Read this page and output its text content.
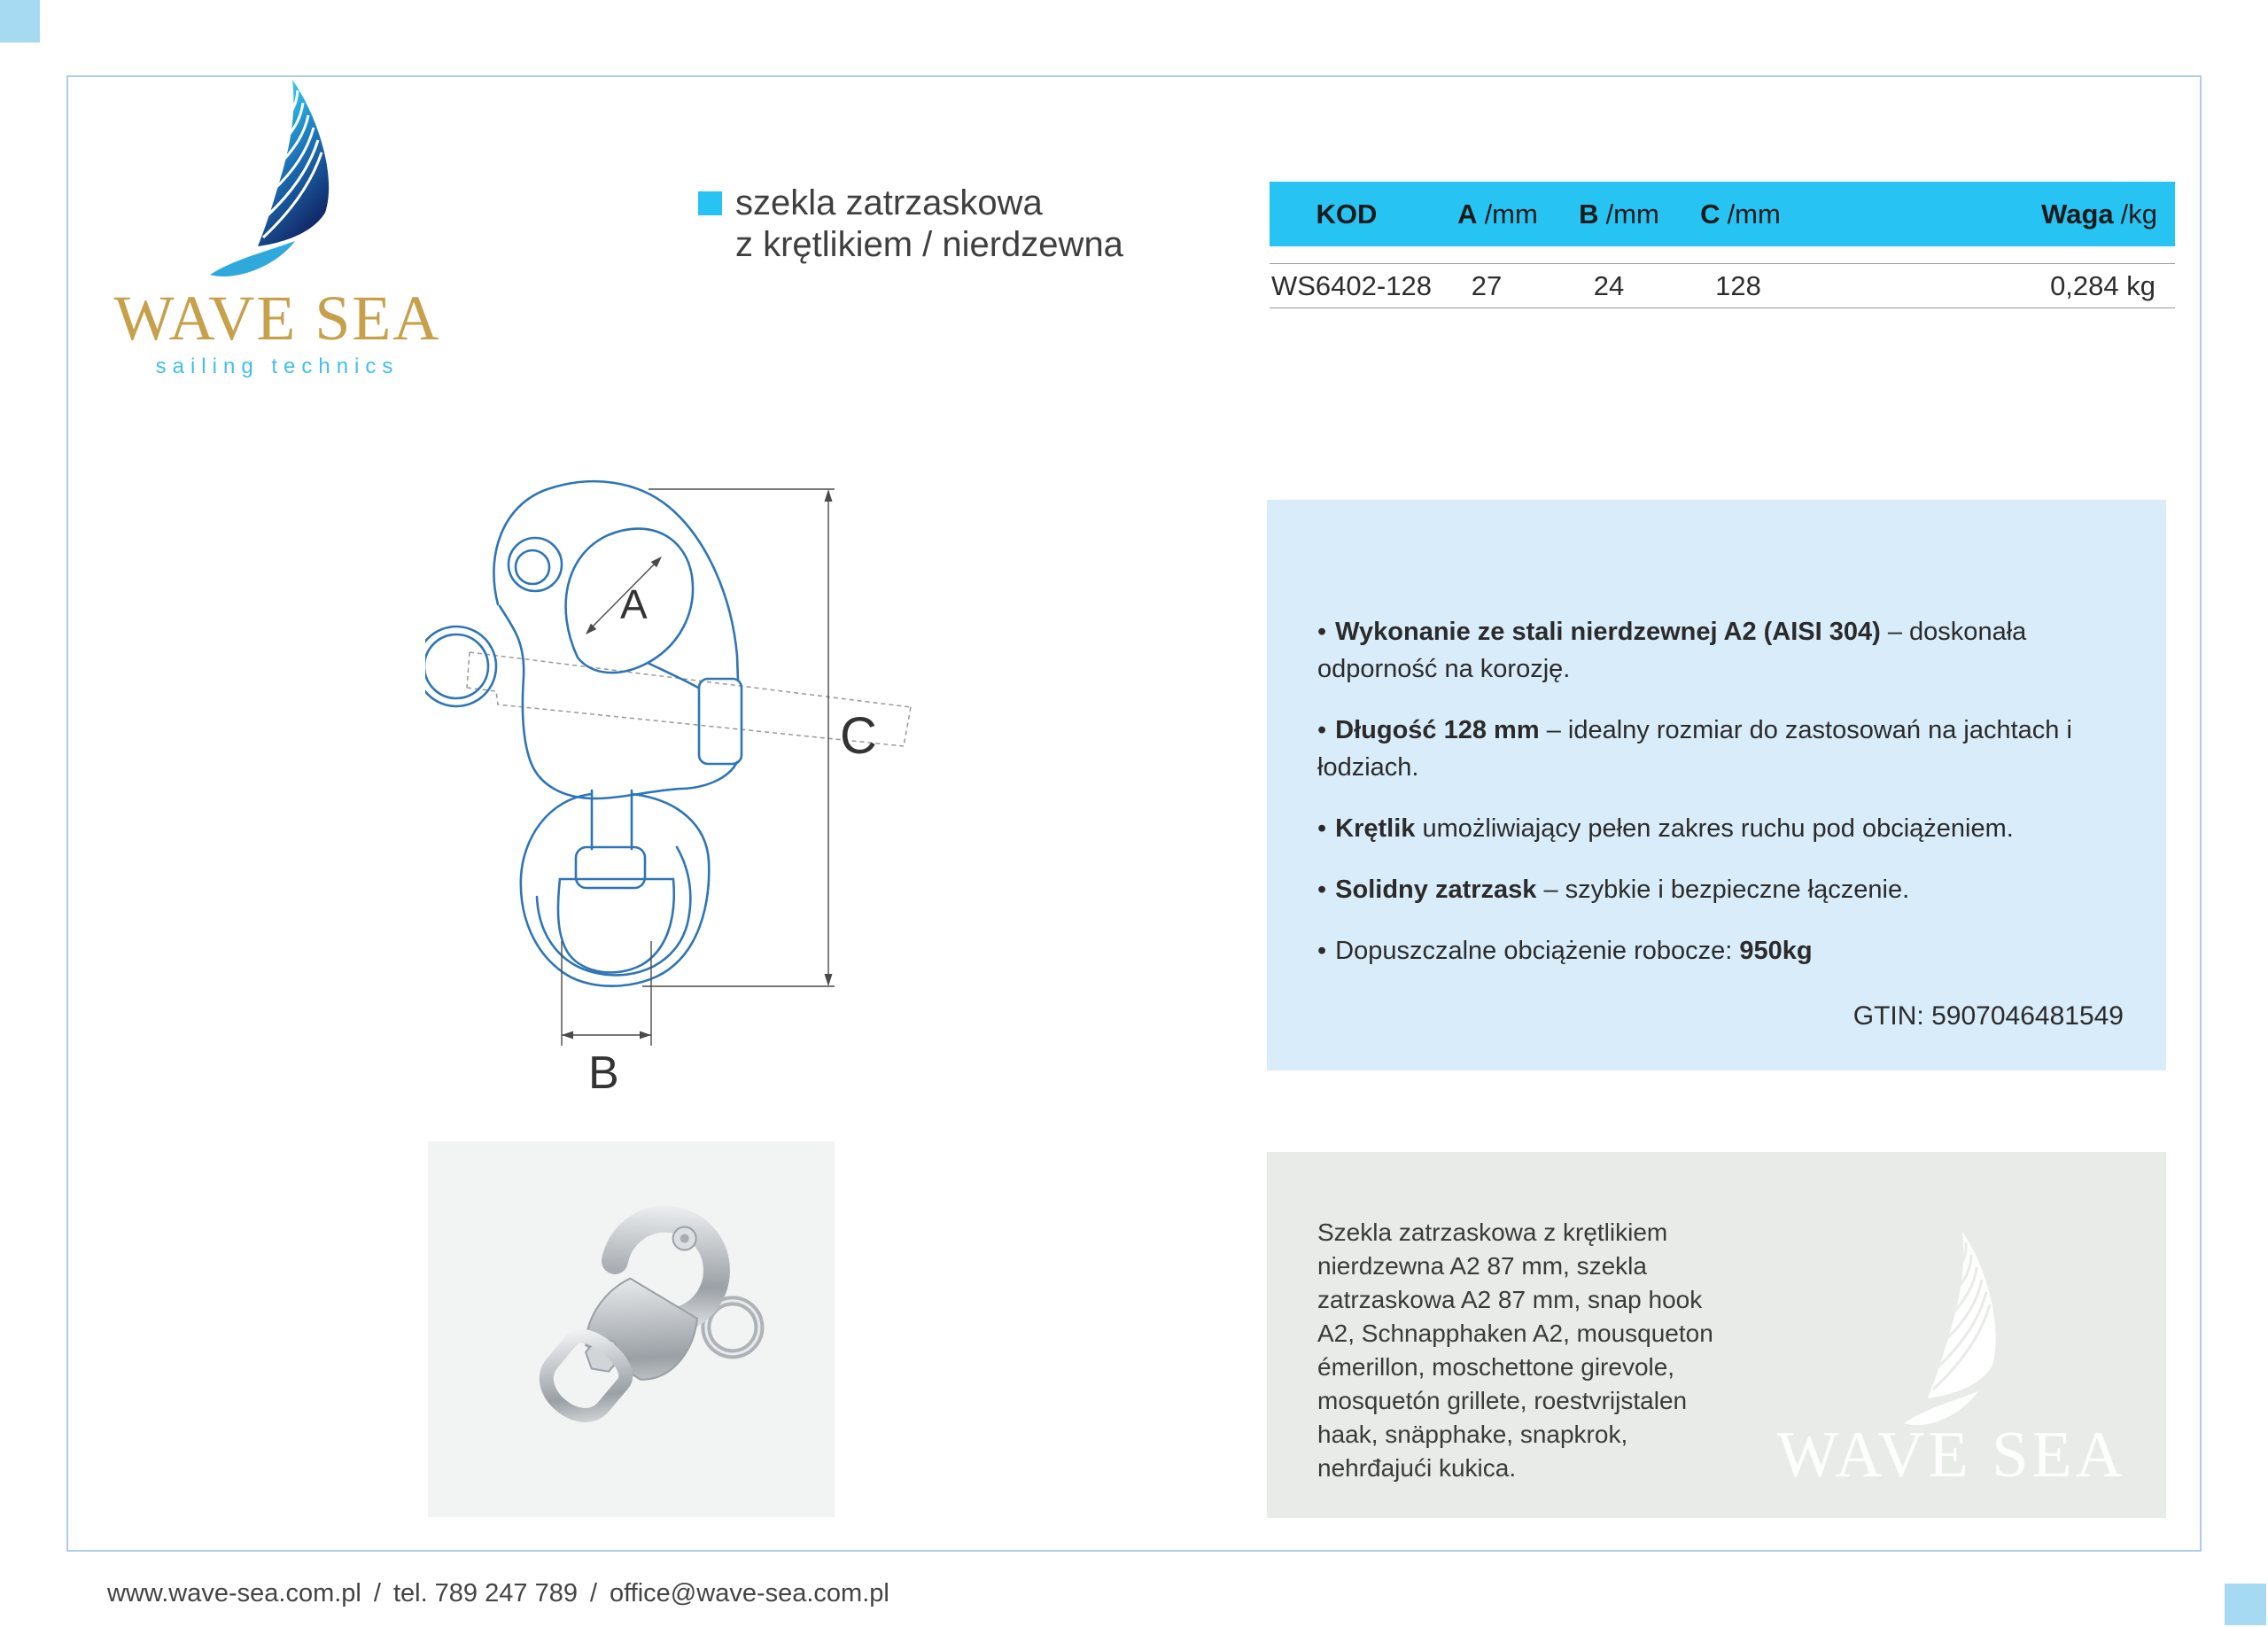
WAVE SEA
sailing technics
szekla zatrzaskowa
z krętlikiem / nierdzewna
KOD	A /mm B /mm C /mm	Waga /kg
WS6402-128	27	24	128	0,284 kg
A
B
C
• Wykonanie ze stali nierdzewnej A2 (AISI 304) – doskonała odporność na korozję.
• Długość 128 mm – idealny rozmiar do zastosowań na jachtach i łodziach.
• Krętlik umożliwiający pełen zakres ruchu pod obciążeniem.
• Solidny zatrzask – szybkie i bezpieczne łączenie.
• Dopuszczalne obciążenie robocze: 950kg
GTIN: 5907046481549
Szekla zatrzaskowa z krętlikiem
nierdzewna A2 87 mm, szekla
zatrzaskowa A2 87 mm, snap hook
A2, Schnapphaken A2, mousqueton
émerillon, moschettone girevole,
mosquetón grillete, roestvrijstalen
haak, snäpphake, snapkrok,
nehrđajući kukica.	WAVE SEA
www.wave-sea.com.pl / tel. 789 247 789 / office@wave-sea.com.pl
